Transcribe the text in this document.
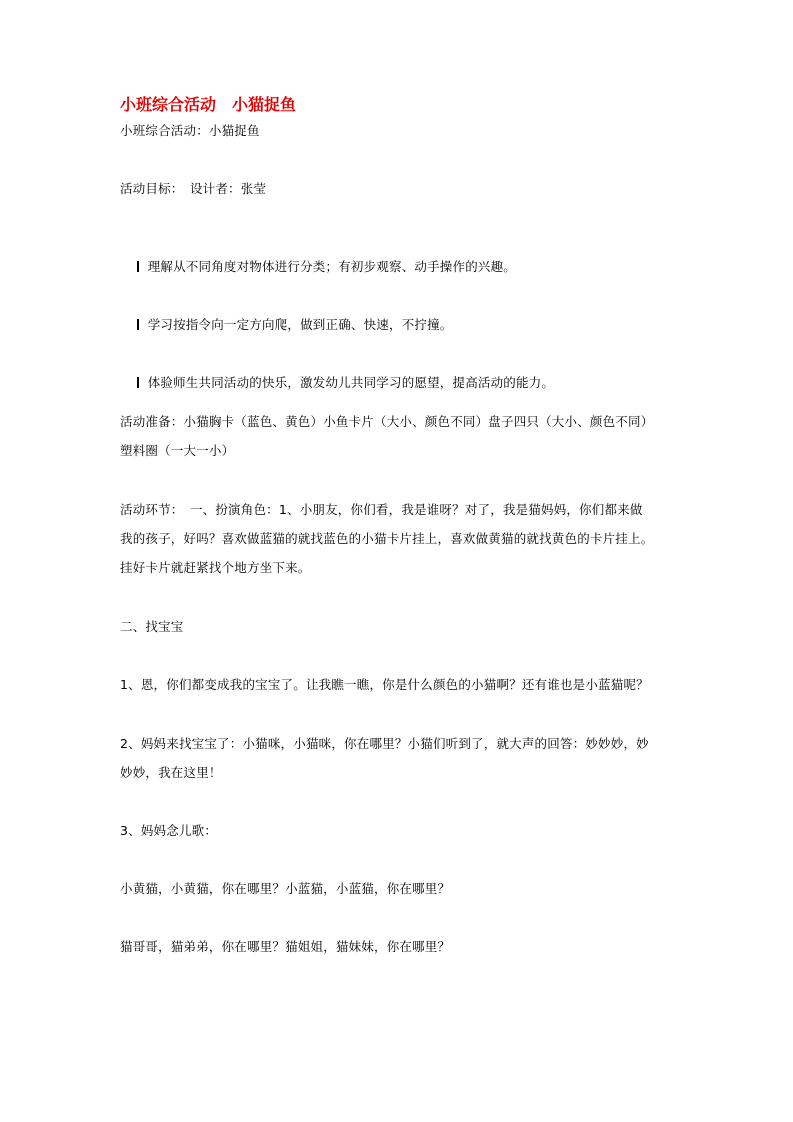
小班综合活动　小猫捉鱼
小班综合活动：小猫捉鱼
活动目标：　设计者：张莹

理解从不同角度对物体进行分类；有初步观察、动手操作的兴趣。

学习按指令向一定方向爬，做到正确、快速，不拧撞。

体验师生共同活动的快乐，激发幼儿共同学习的愿望，提高活动的能力。

活动准备：小猫胸卡（蓝色、黄色）小鱼卡片（大小、颜色不同）盘子四只（大小、颜色不同）
塑料圈（一大一小）
活动环节：　一、扮演角色：1、小朋友，你们看，我是谁呀？对了，我是猫妈妈，你们都来做
我的孩子，好吗？喜欢做蓝猫的就找蓝色的小猫卡片挂上，喜欢做黄猫的就找黄色的卡片挂上。
挂好卡片就赶紧找个地方坐下来。
二、找宝宝
1、恩，你们都变成我的宝宝了。让我瞧一瞧，你是什么颜色的小猫啊？还有谁也是小蓝猫呢？
2、妈妈来找宝宝了：小猫咪，小猫咪，你在哪里？小猫们听到了，就大声的回答：妙妙妙，妙
妙妙，我在这里！
3、妈妈念儿歌：
小黄猫，小黄猫，你在哪里？小蓝猫，小蓝猫，你在哪里？
猫哥哥，猫弟弟，你在哪里？猫姐姐，猫妹妹，你在哪里？
